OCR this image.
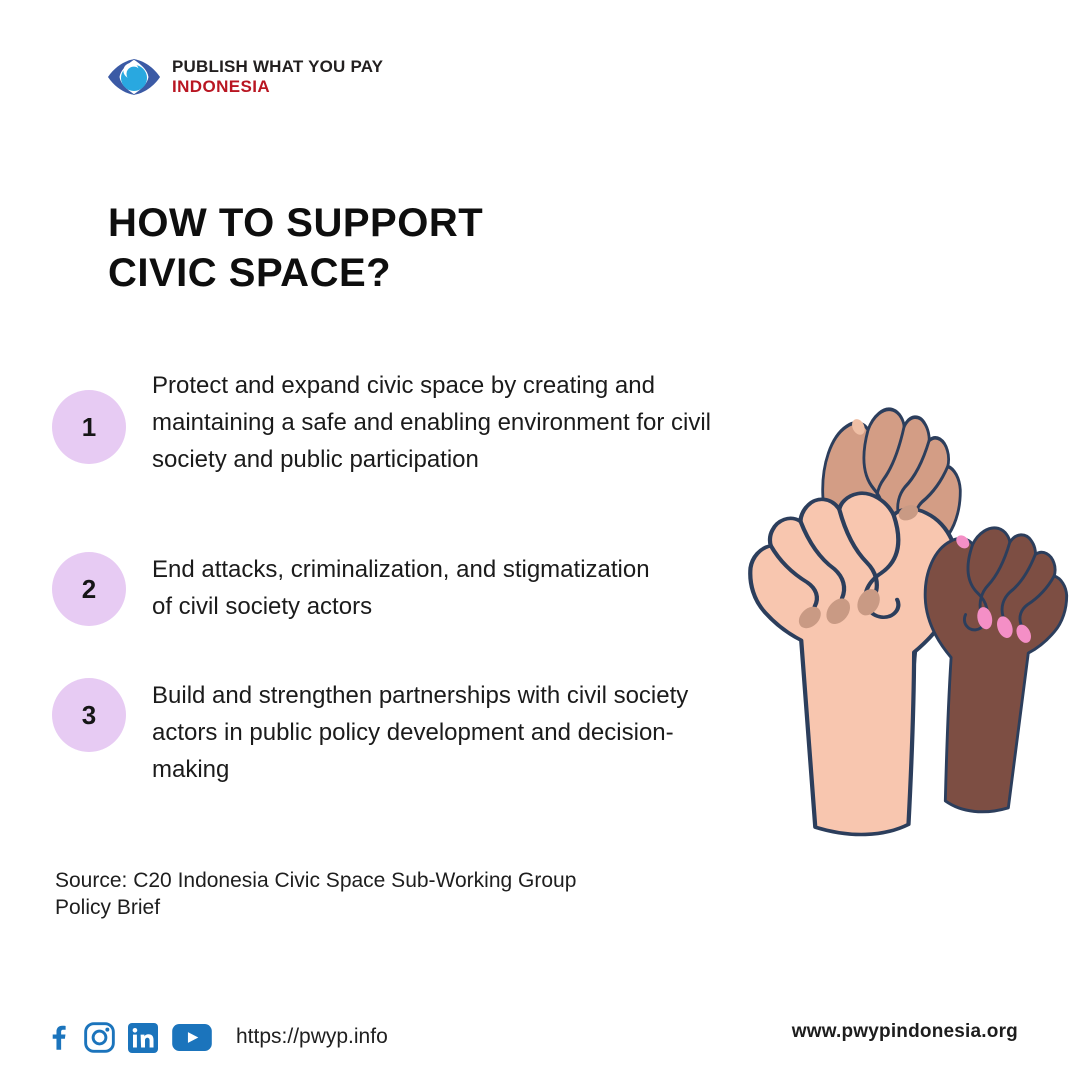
PUBLISH WHAT YOU PAY
INDONESIA
HOW TO SUPPORT
CIVIC SPACE?
1
Protect and expand civic space by creating and
maintaining a safe and enabling environment for civil
society and public participation
2
End attacks, criminalization, and stigmatization
of civil society actors
3
Build and strengthen partnerships with civil society
actors in public policy development and decision-
making
Source: C20 Indonesia Civic Space Sub-Working Group
Policy Brief
https://pwyp.info	www.pwypindonesia.org
